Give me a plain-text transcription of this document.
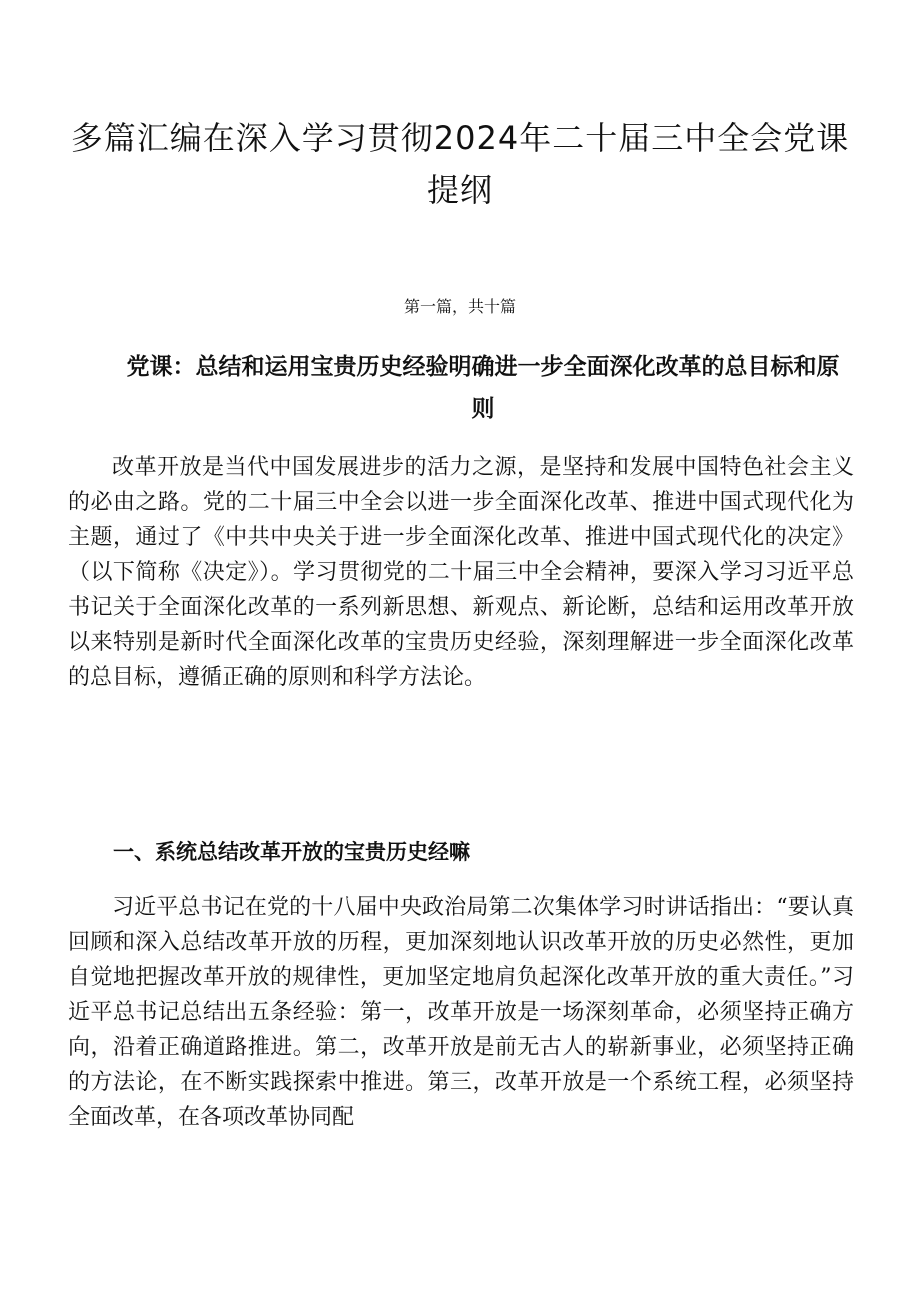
多篇汇编在深入学习贯彻2024年二十届三中全会党课提纲

第一篇，共十篇

党课：总结和运用宝贵历史经验明确进一步全面深化改革的总目标和原则

改革开放是当代中国发展进步的活力之源，是坚持和发展中国特色社会主义的必由之路。党的二十届三中全会以进一步全面深化改革、推进中国式现代化为主题，通过了《中共中央关于进一步全面深化改革、推进中国式现代化的决定》（以下简称《决定》）。学习贯彻党的二十届三中全会精神，要深入学习习近平总书记关于全面深化改革的一系列新思想、新观点、新论断，总结和运用改革开放以来特别是新时代全面深化改革的宝贵历史经验，深刻理解进一步全面深化改革的总目标，遵循正确的原则和科学方法论。

一、系统总结改革开放的宝贵历史经嘛

习近平总书记在党的十八届中央政治局第二次集体学习时讲话指出：“要认真回顾和深入总结改革开放的历程，更加深刻地认识改革开放的历史必然性，更加自觉地把握改革开放的规律性，更加坚定地肩负起深化改革开放的重大责任。”习近平总书记总结出五条经验：第一，改革开放是一场深刻革命，必须坚持正确方向，沿着正确道路推进。第二，改革开放是前无古人的崭新事业，必须坚持正确的方法论，在不断实践探索中推进。第三，改革开放是一个系统工程，必须坚持全面改革，在各项改革协同配
